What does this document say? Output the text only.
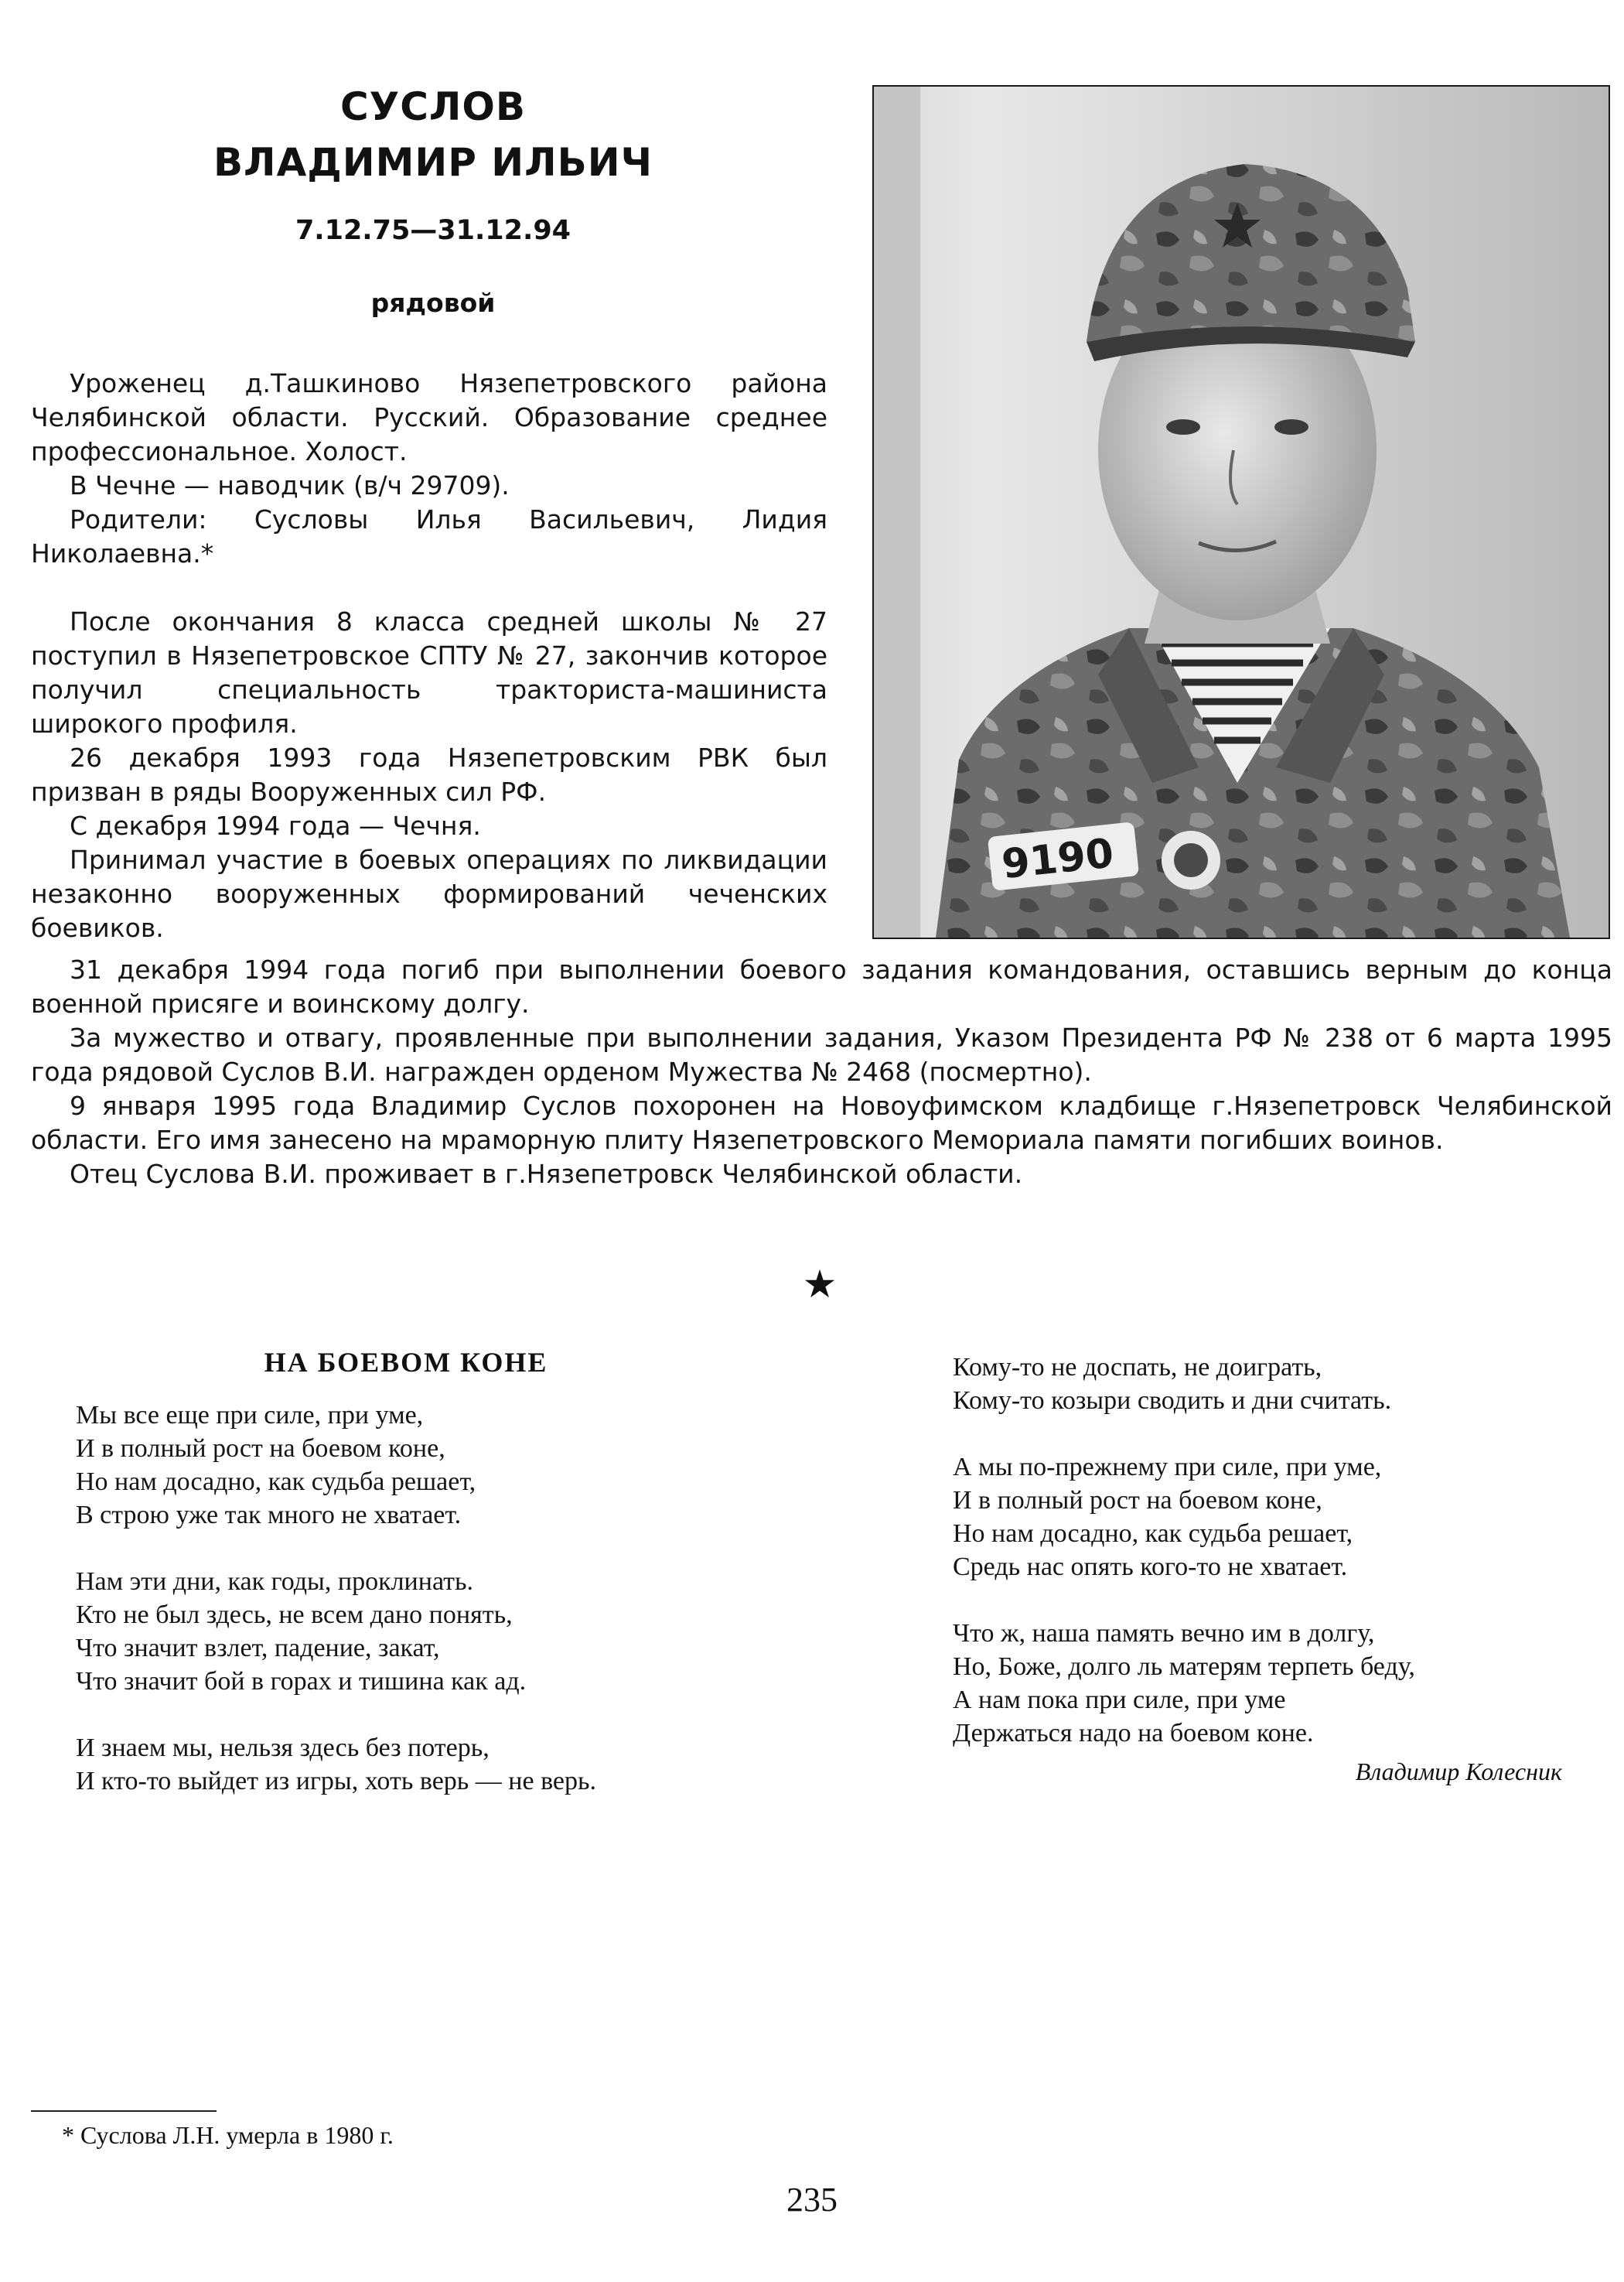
СУСЛОВ
ВЛАДИМИР ИЛЬИЧ
7.12.75—31.12.94
рядовой
9190

Уроженец д.Ташкиново Нязепетровского района Челябинской области. Русский. Образование среднее профессиональное. Холост.

В Чечне — наводчик (в/ч 29709).

Родители: Сусловы Илья Васильевич, Лидия Николаевна.*

После окончания 8 класса средней школы № 27 поступил в Нязепетровское СПТУ № 27, закончив которое получил специальность тракториста-машиниста широкого профиля.

26 декабря 1993 года Нязепетровским РВК был призван в ряды Вооруженных сил РФ.

С декабря 1994 года — Чечня.

Принимал участие в боевых операциях по ликвидации незаконно вооруженных формирований чеченских боевиков.

31 декабря 1994 года погиб при выполнении боевого задания командования, оставшись верным до конца военной присяге и воинскому долгу.

За мужество и отвагу, проявленные при выполнении задания, Указом Президента РФ № 238 от 6 марта 1995 года рядовой Суслов В.И. награжден орденом Мужества № 2468 (посмертно).

9 января 1995 года Владимир Суслов похоронен на Новоуфимском кладбище г.Нязепетровск Челябинской области. Его имя занесено на мраморную плиту Нязепетровского Мемориала памяти погибших воинов.

Отец Суслова В.И. проживает в г.Нязепетровск Челябинской области.

★
НА БОЕВОМ КОНЕ
Мы все еще при силе, при уме,
И в полный рост на боевом коне,
Но нам досадно, как судьба решает,
В строю уже так много не хватает.
Нам эти дни, как годы, проклинать.
Кто не был здесь, не всем дано понять,
Что значит взлет, падение, закат,
Что значит бой в горах и тишина как ад.
И знаем мы, нельзя здесь без потерь,
И кто-то выйдет из игры, хоть верь — не верь.
Кому-то не доспать, не доиграть,
Кому-то козыри сводить и дни считать.
А мы по-прежнему при силе, при уме,
И в полный рост на боевом коне,
Но нам досадно, как судьба решает,
Средь нас опять кого-то не хватает.
Что ж, наша память вечно им в долгу,
Но, Боже, долго ль матерям терпеть беду,
А нам пока при силе, при уме
Держаться надо на боевом коне.
Владимир Колесник
* Суслова Л.Н. умерла в 1980 г.
235
